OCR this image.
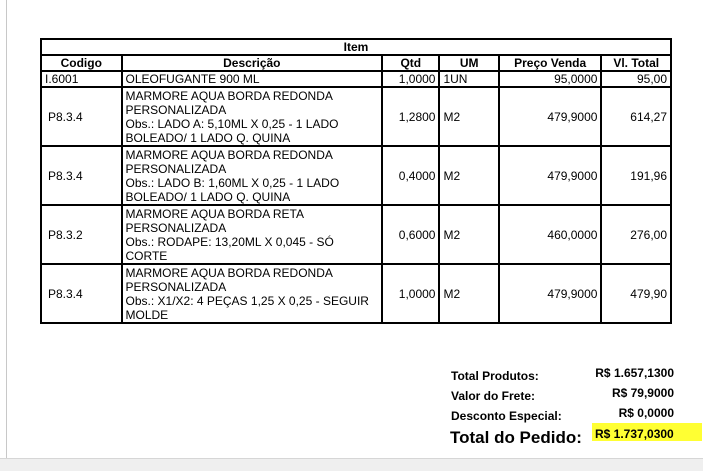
Item					
Codigo	Descrição	Qtd	UM	Preço Venda	Vl. Total
I.6001	OLEOFUGANTE 900 ML	1,0000	1UN	95,0000	95,00
P8.3.4	MARMORE AQUA BORDA REDONDA
PERSONALIZADA
Obs.: LADO A: 5,10ML X 0,25 - 1 LADO
BOLEADO/ 1 LADO Q. QUINA	1,2800	M2	479,9000	614,27
P8.3.4	MARMORE AQUA BORDA REDONDA
PERSONALIZADA
Obs.: LADO B: 1,60ML X 0,25 - 1 LADO
BOLEADO/ 1 LADO Q. QUINA	0,4000	M2	479,9000	191,96
P8.3.2	MARMORE AQUA BORDA RETA
PERSONALIZADA
Obs.: RODAPE: 13,20ML X 0,045 - SÓ
CORTE	0,6000	M2	460,0000	276,00
P8.3.4	MARMORE AQUA BORDA REDONDA
PERSONALIZADA
Obs.: X1/X2: 4 PEÇAS 1,25 X 0,25 - SEGUIR
MOLDE	1,0000	M2	479,9000	479,90
Total Produtos:	R$ 1.657,1300
Valor do Frete:	R$ 79,9000
Desconto Especial:	R$ 0,0000
Total do Pedido: R$ 1.737,0300
